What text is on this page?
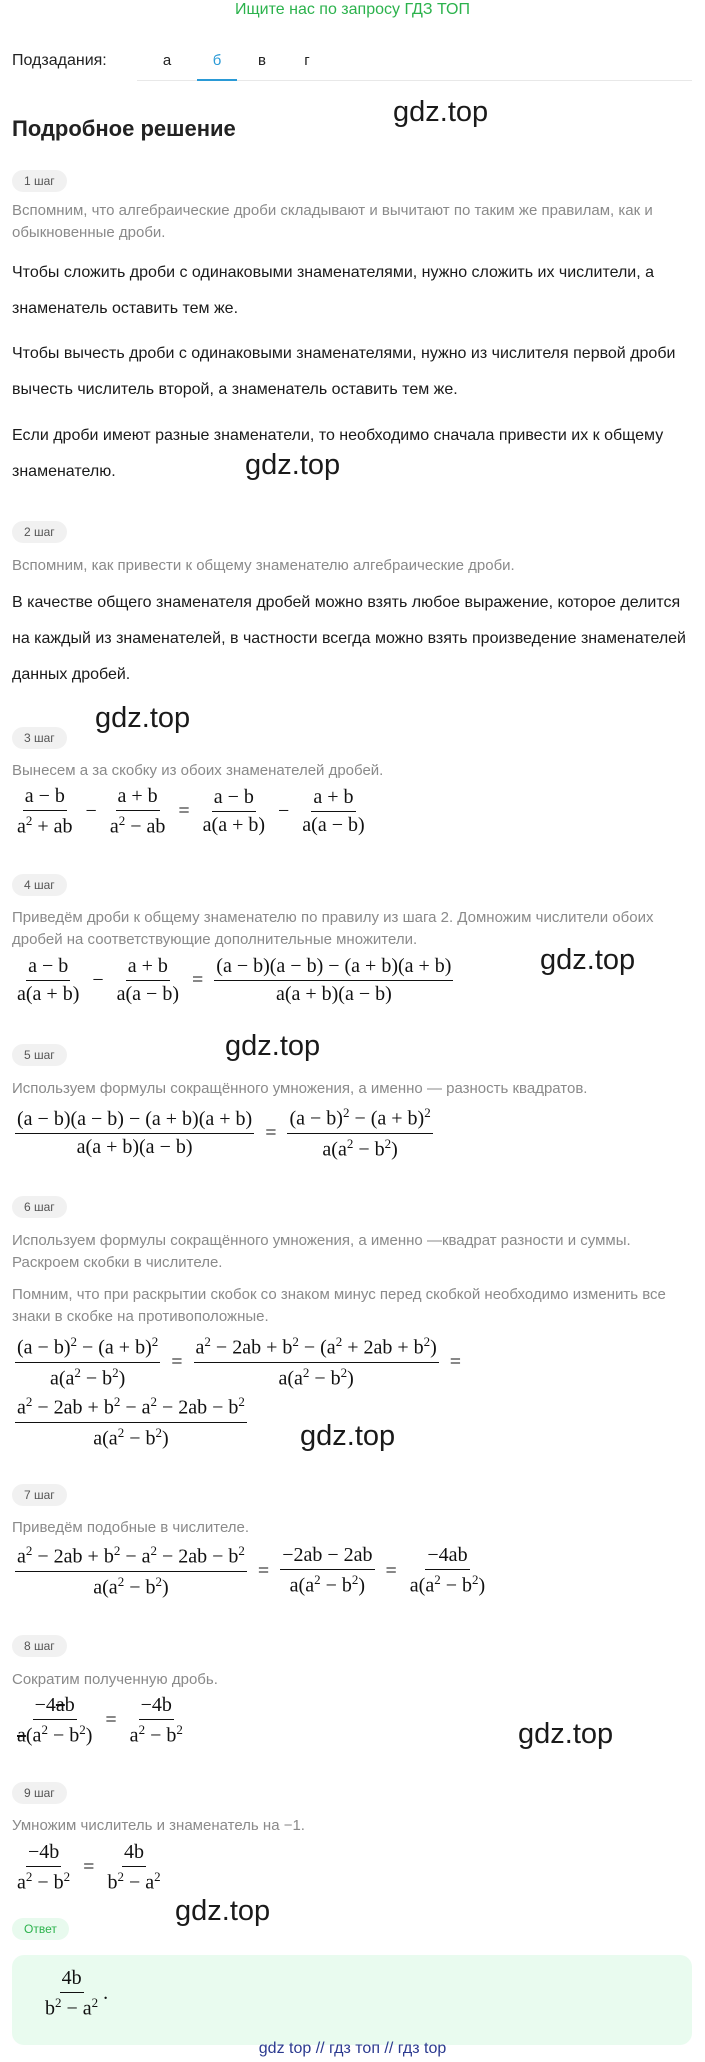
Ищите нас по запросу ГДЗ ТОП
Подзадания:	а	б	в	г
gdz.top
Подробное решение
1 шаг
Вспомним, что алгебраические дроби складывают и вычитают по таким же правилам, как и обыкновенные дроби.
Чтобы сложить дроби с одинаковыми знаменателями, нужно сложить их числители, а знаменатель оставить тем же.
Чтобы вычесть дроби с одинаковыми знаменателями, нужно из числителя первой дроби вычесть числитель второй, а знаменатель оставить тем же.
Если дроби имеют разные знаменатели, то необходимо сначала привести их к общему знаменателю.	gdz.top
2 шаг
Вспомним, как привести к общему знаменателю алгебраические дроби.
В качестве общего знаменателя дробей можно взять любое выражение, которое делится на каждый из знаменателей, в частности всегда можно взять произведение знаменателей данных дробей.
gdz.top
3 шаг
Вынесем a за скобку из обоих знаменателей дробей.
a − b
$a^2$ + ab
− $\frac{a + b}{a^2 - ab} = \frac{a - b}{a(a + b)} - \frac{a + b}{a(a - b)}$
4 шаг
Приведём дроби к общему знаменателю по правилу из шага 2. Домножим числители обоих дробей на соответствующие дополнительные множители.
gdz.top
a − b
a(a + b)
− $\frac{a + b}{a(a - b)} = \frac{(a - b)(a - b) - (a + b)(a + b)}{a(a + b)(a - b)}$
gdz.top
5 шаг
Используем формулы сокращённого умножения, а именно — разность квадратов.
$\frac{(a - b)(a - b) - (a + b)(a + b)}{a(a + b)(a - b)} = \frac{(a - b)^2 - (a + b)^2}{a(a^2 - b^2)}$
6 шаг
Используем формулы сокращённого умножения, а именно —квадрат разности и суммы. Раскроем скобки в числителе.
Помним, что при раскрытии скобок со знаком минус перед скобкой необходимо изменить все знаки в скобке на противоположные.
$\frac{(a - b)^2 - (a + b)^2}{a(a^2 - b^2)} = \frac{a^2 - 2ab + b^2 - (a^2 + 2ab + b^2)}{a(a^2 - b^2)}$ =
$a^2 - 2ab + b^2 - a^2 - 2ab - b^2$
$a(a^2 - b^2)$	gdz.top
7 шаг
Приведём подобные в числителе.
$\frac{a^2 - 2ab + b^2 - a^2 - 2ab - b^2}{a(a^2 - b^2)} = \frac{-2ab - 2ab}{a(a^2 - b^2)} = \frac{-4ab}{a(a^2 - b^2)}$
8 шаг
Сократим полученную дробь.
$\frac{-4ab}{a(a^2 - b^2)} = \frac{-4b}{a^2 - b^2}$	gdz.top
9 шаг
Умножим числитель и знаменатель на −1.
$\frac{-4b}{a^2 - b^2} = \frac{4b}{b^2 - a^2}$
gdz.top
Ответ
4b
$b^2 - a^2$ .
gdz top // гдз топ // гдз top
